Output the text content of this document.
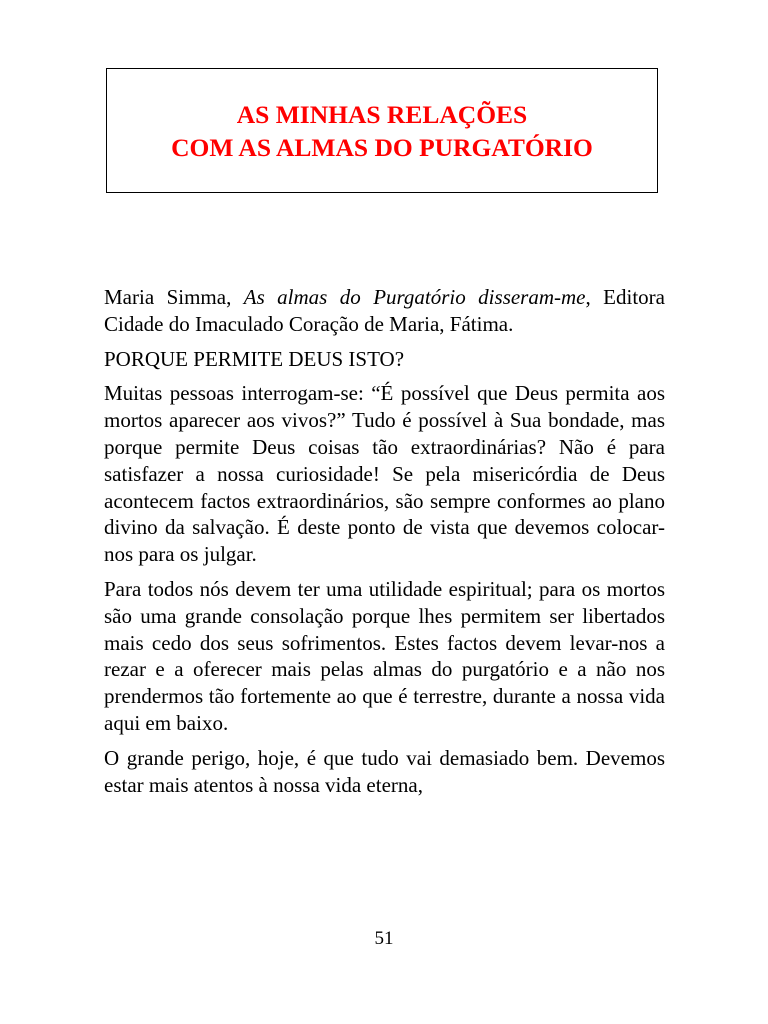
AS MINHAS RELAÇÕES
COM AS ALMAS DO PURGATÓRIO

Maria Simma, As almas do Purgatório disseram-me, Editora Cidade do Imaculado Coração de Maria, Fátima.

PORQUE PERMITE DEUS ISTO?

Muitas pessoas interrogam-se: “É possível que Deus permita aos mortos aparecer aos vivos?” Tudo é possível à Sua bondade, mas porque permite Deus coisas tão extraordinárias? Não é para satisfazer a nossa curiosidade! Se pela misericórdia de Deus acontecem factos extraordinários, são sempre conformes ao plano divino da salvação. É deste ponto de vista que devemos colocar-nos para os julgar.

Para todos nós devem ter uma utilidade espiritual; para os mortos são uma grande consolação porque lhes permitem ser libertados mais cedo dos seus sofrimentos. Estes factos devem levar-nos a rezar e a oferecer mais pelas almas do purgatório e a não nos prendermos tão fortemente ao que é terrestre, durante a nossa vida aqui em baixo.

O grande perigo, hoje, é que tudo vai demasiado bem. Devemos estar mais atentos à nossa vida eterna,

51
